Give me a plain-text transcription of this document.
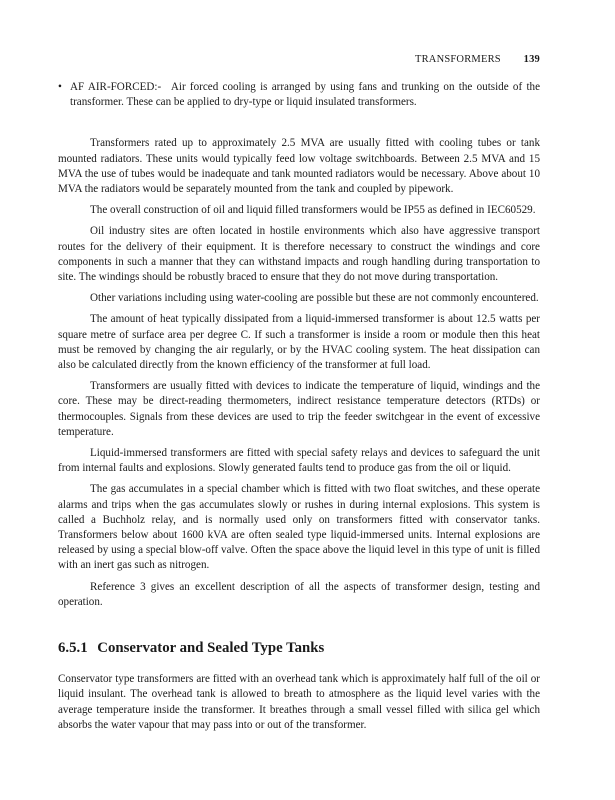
TRANSFORMERS 139
• AF AIR-FORCED:- Air forced cooling is arranged by using fans and trunking on the outside of the transformer. These can be applied to dry-type or liquid insulated transformers.

Transformers rated up to approximately 2.5 MVA are usually fitted with cooling tubes or tank mounted radiators. These units would typically feed low voltage switchboards. Between 2.5 MVA and 15 MVA the use of tubes would be inadequate and tank mounted radiators would be necessary. Above about 10 MVA the radiators would be separately mounted from the tank and coupled by pipework.

The overall construction of oil and liquid filled transformers would be IP55 as defined in IEC60529.

Oil industry sites are often located in hostile environments which also have aggressive transport routes for the delivery of their equipment. It is therefore necessary to construct the windings and core components in such a manner that they can withstand impacts and rough handling during transportation to site. The windings should be robustly braced to ensure that they do not move during transportation.

Other variations including using water-cooling are possible but these are not commonly encountered.

The amount of heat typically dissipated from a liquid-immersed transformer is about 12.5 watts per square metre of surface area per degree C. If such a transformer is inside a room or module then this heat must be removed by changing the air regularly, or by the HVAC cooling system. The heat dissipation can also be calculated directly from the known efficiency of the transformer at full load.

Transformers are usually fitted with devices to indicate the temperature of liquid, windings and the core. These may be direct-reading thermometers, indirect resistance temperature detectors (RTDs) or thermocouples. Signals from these devices are used to trip the feeder switchgear in the event of excessive temperature.

Liquid-immersed transformers are fitted with special safety relays and devices to safeguard the unit from internal faults and explosions. Slowly generated faults tend to produce gas from the oil or liquid.

The gas accumulates in a special chamber which is fitted with two float switches, and these operate alarms and trips when the gas accumulates slowly or rushes in during internal explosions. This system is called a Buchholz relay, and is normally used only on transformers fitted with conservator tanks. Transformers below about 1600 kVA are often sealed type liquid-immersed units. Internal explosions are released by using a special blow-off valve. Often the space above the liquid level in this type of unit is filled with an inert gas such as nitrogen.

Reference 3 gives an excellent description of all the aspects of transformer design, testing and operation.

6.5.1 Conservator and Sealed Type Tanks

Conservator type transformers are fitted with an overhead tank which is approximately half full of the oil or liquid insulant. The overhead tank is allowed to breath to atmosphere as the liquid level varies with the average temperature inside the transformer. It breathes through a small vessel filled with silica gel which absorbs the water vapour that may pass into or out of the transformer.
